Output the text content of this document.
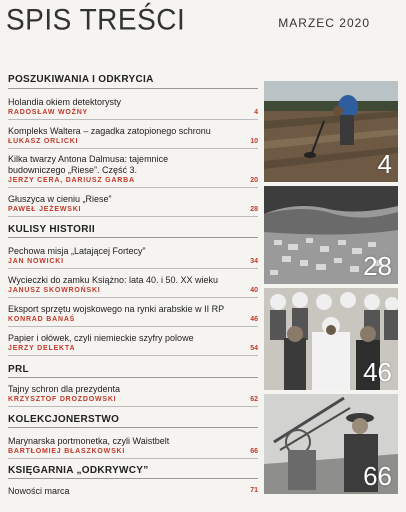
SPIS TREŚCI	MARZEC 2020
POSZUKIWANIA I ODKRYCIA
Holandia okiem detektorysty
RADOSŁAW WOŹNY	4
Kompleks Waltera – zagadka zatopionego schronu
ŁUKASZ ORLICKI	10
Kilka twarzy Antona Dalmusa: tajemnice budowniczego „Riese”. Część 3.
JERZY CERA, DARIUSZ GARBA	20
Głuszyca w cieniu „Riese”
PAWEŁ JEŻEWSKI	28
KULISY HISTORII
Pechowa misja „Latającej Fortecy”
JAN NOWICKI	34
Wycieczki do zamku Książno: lata 40. i 50. XX wieku
JANUSZ SKOWROŃSKI	40
Eksport sprzętu wojskowego na rynki arabskie w II RP
KONRAD BANAŚ	46
Papier i ołówek, czyli niemieckie szyfry polowe
JERZY DELEKTA	54
PRL
Tajny schron dla prezydenta
KRZYSZTOF DROZDOWSKI	62
KOLEKCJONERSTWO
Marynarska portmonetka, czyli Waistbelt
BARTŁOMIEJ BŁASZKOWSKI	66
KSIĘGARNIA „ODKRYWCY”
Nowości marca	71
4
28
46
66
